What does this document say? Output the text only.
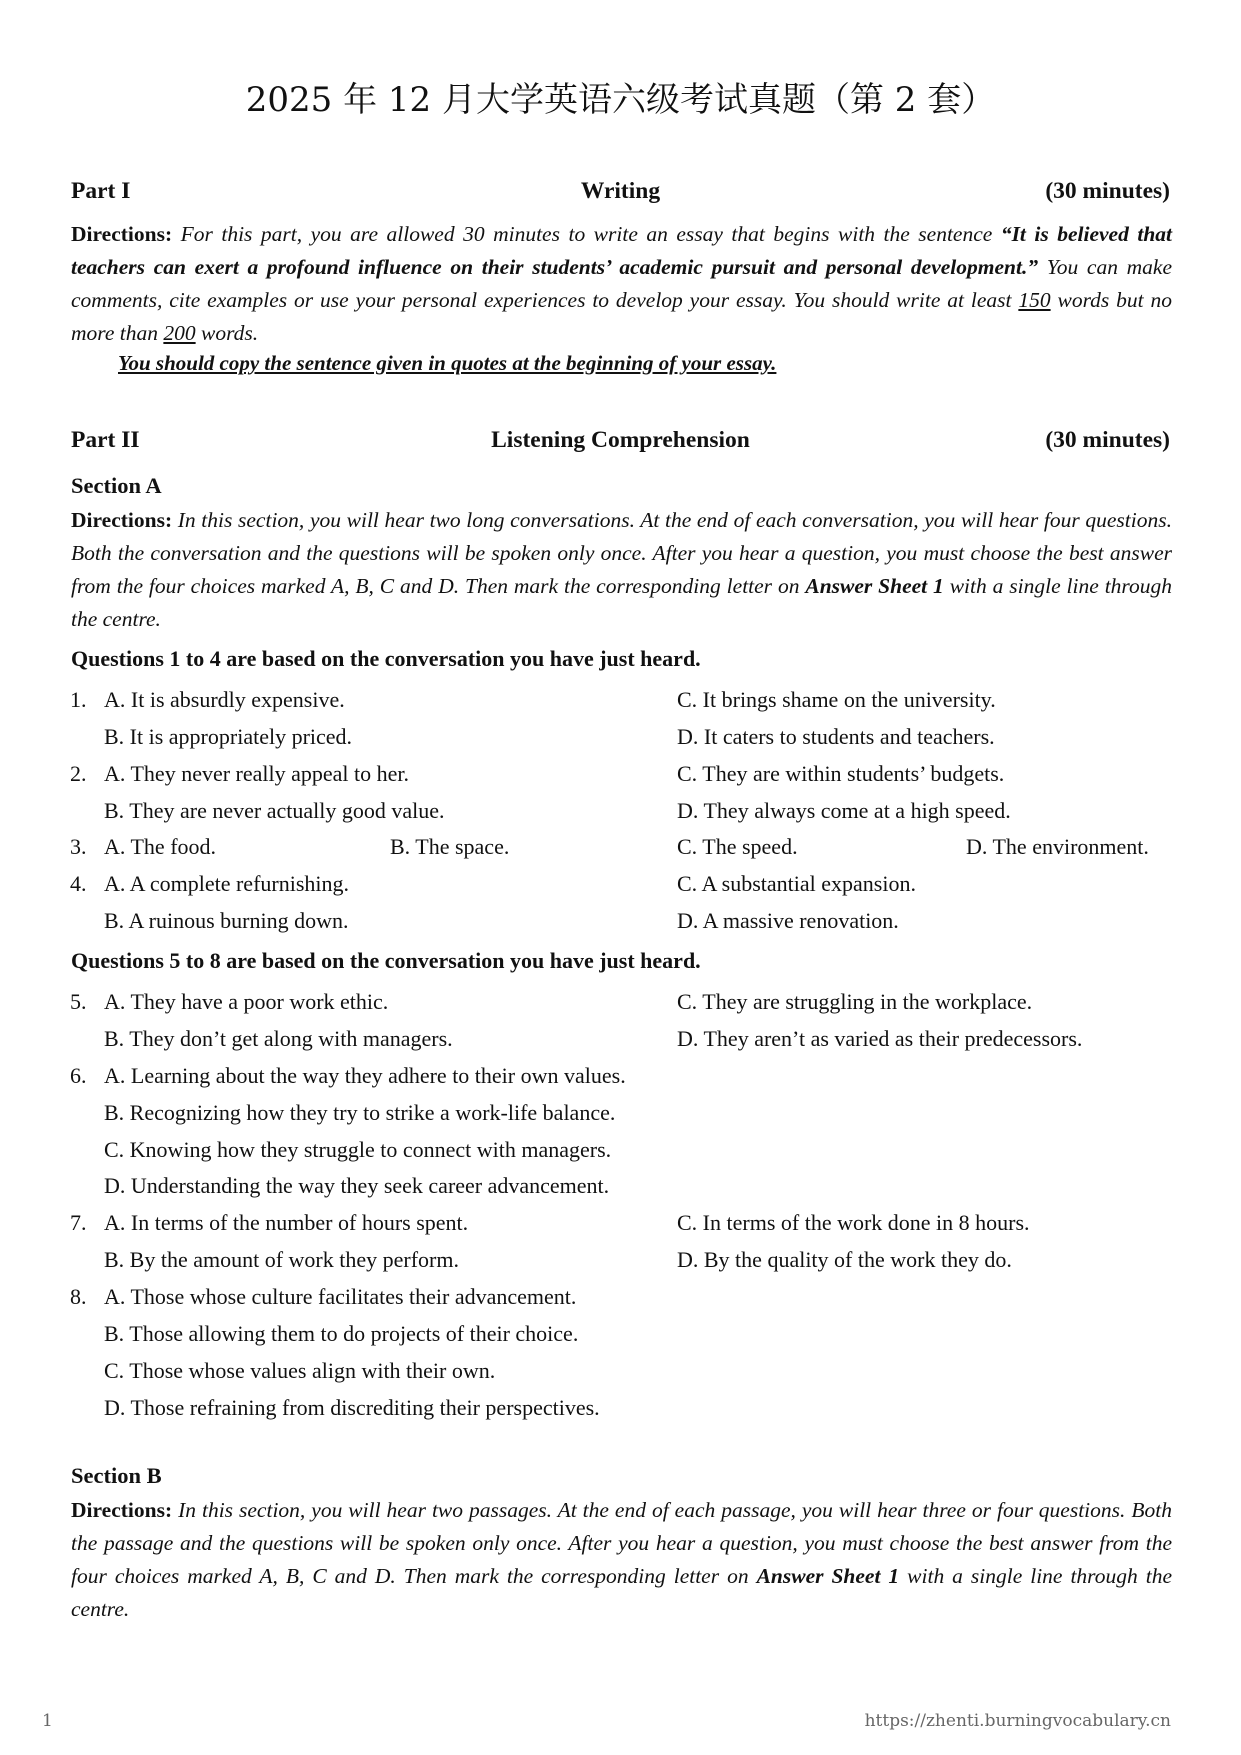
2025 年 12 月大学英语六级考试真题（第 2 套）
Part I	Writing	(30 minutes)
Directions: For this part, you are allowed 30 minutes to write an essay that begins with the sentence “It is believed that teachers can exert a profound influence on their students’ academic pursuit and personal development.” You can make comments, cite examples or use your personal experiences to develop your essay. You should write at least 150 words but no more than 200 words.
You should copy the sentence given in quotes at the beginning of your essay.
Part II	Listening Comprehension	(30 minutes)
Section A
Directions: In this section, you will hear two long conversations. At the end of each conversation, you will hear four questions. Both the conversation and the questions will be spoken only once. After you hear a question, you must choose the best answer from the four choices marked A, B, C and D. Then mark the corresponding letter on Answer Sheet 1 with a single line through the centre.
Questions 1 to 4 are based on the conversation you have just heard.
1. A. It is absurdly expensive.	C. It brings shame on the university.
B. It is appropriately priced.	D. It caters to students and teachers.
2. A. They never really appeal to her.	C. They are within students’ budgets.
B. They are never actually good value.	D. They always come at a high speed.
3. A. The food.	B. The space.	C. The speed.	D. The environment.
4. A. A complete refurnishing.	C. A substantial expansion.
B. A ruinous burning down.	D. A massive renovation.
Questions 5 to 8 are based on the conversation you have just heard.
5. A. They have a poor work ethic.	C. They are struggling in the workplace.
B. They don’t get along with managers.	D. They aren’t as varied as their predecessors.
6. A. Learning about the way they adhere to their own values.
B. Recognizing how they try to strike a work-life balance.
C. Knowing how they struggle to connect with managers.
D. Understanding the way they seek career advancement.
7. A. In terms of the number of hours spent.	C. In terms of the work done in 8 hours.
B. By the amount of work they perform.	D. By the quality of the work they do.
8. A. Those whose culture facilitates their advancement.
B. Those allowing them to do projects of their choice.
C. Those whose values align with their own.
D. Those refraining from discrediting their perspectives.
Section B
Directions: In this section, you will hear two passages. At the end of each passage, you will hear three or four questions. Both the passage and the questions will be spoken only once. After you hear a question, you must choose the best answer from the four choices marked A, B, C and D. Then mark the corresponding letter on Answer Sheet 1 with a single line through the centre.
1	https://zhenti.burningvocabulary.cn
